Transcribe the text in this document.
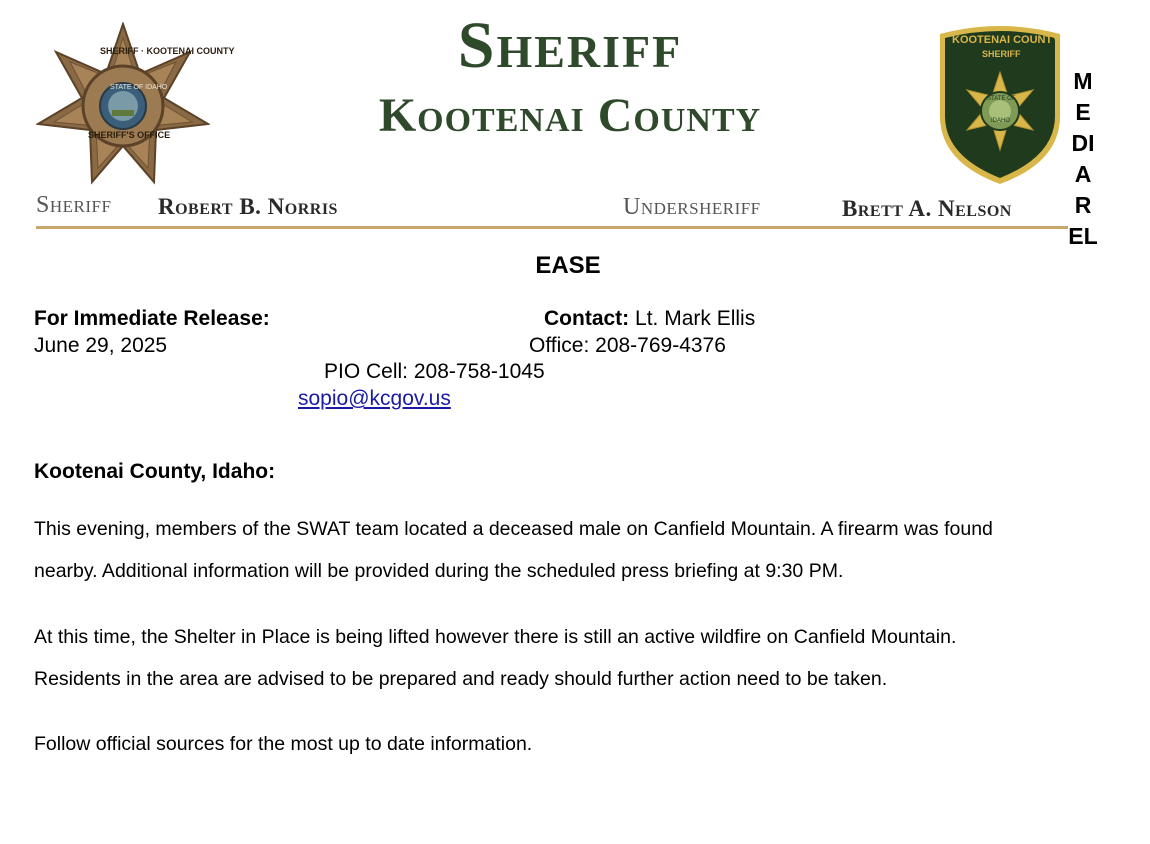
SHERIFF · KOOTENAI COUNTY
STATE OF IDAHO
SHERIFF'S OFFICE
Sheriff
Kootenai County
KOOTENAI COUNTY
SHERIFF
STATE OF
IDAHO
Sheriff Robert B. Norris	Undersheriff	Brett A. Nelson
M
E
DI
A
R
EL
EASE
For Immediate Release:
June 29, 2025
Contact: Lt. Mark Ellis
Office: 208-769-4376
PIO Cell: 208-758-1045
sopio@kcgov.us
Kootenai County, Idaho:
This evening, members of the SWAT team located a deceased male on Canfield Mountain. A firearm was found
nearby. Additional information will be provided during the scheduled press briefing at 9:30 PM.
At this time, the Shelter in Place is being lifted however there is still an active wildfire on Canfield Mountain.
Residents in the area are advised to be prepared and ready should further action need to be taken.
Follow official sources for the most up to date information.
